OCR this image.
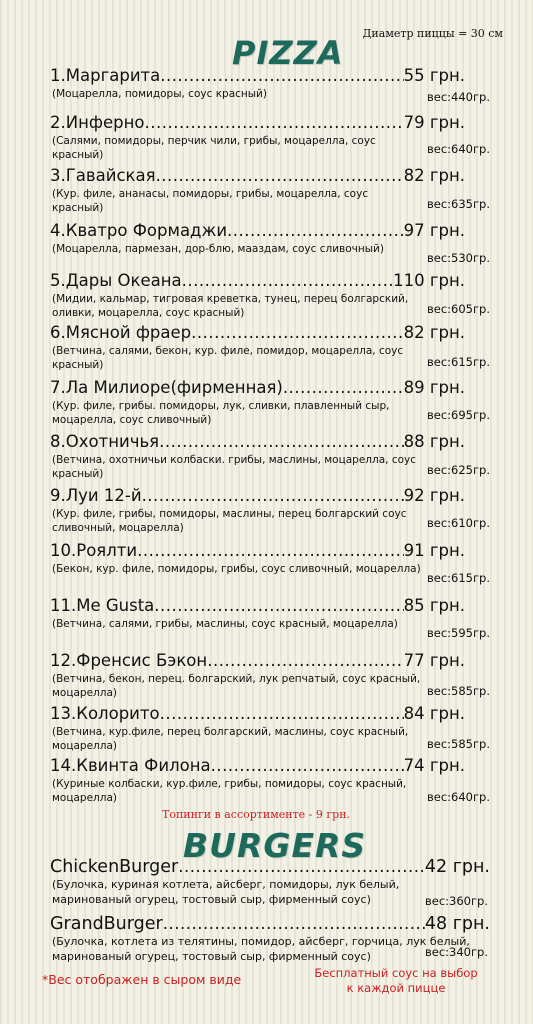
Диаметр пиццы = 30 см
PIZZA
1.Маргарита .....	55 грн.
(Моцарелла, помидоры, соус красный)	вес:440гр.
2.Инферно .....	79 грн.
(Салями, помидоры, перчик чили, грибы, моцарелла, соус красный)	вес:640гр.
3.Гавайская .....	82 грн.
(Кур. филе, ананасы, помидоры, грибы, моцарелла, соус красный)	вес:635гр.
4.Кватро Формаджи .....	97 грн.
(Моцарелла, пармезан, дор-блю, мааздам, соус сливочный)
вес:530гр.
5.Дары Океана .....	110 грн.
(Мидии, кальмар, тигровая креветка, тунец, перец болгарский, оливки, моцарелла, соус красный)	вес:605гр.
6.Мясной фраер .....	82 грн.
(Ветчина, салями, бекон, кур. филе, помидор, моцарелла, соус красный)	вес:615гр.
7.Ла Милиоре(фирменная) .....	89 грн.
(Кур. филе, грибы. помидоры, лук, сливки, плавленный сыр, моцарелла, соус сливочный)	вес:695гр.
8.Охотничья .....	88 грн.
(Ветчина, охотничьи колбаски. грибы, маслины, моцарелла, соус красный)	вес:625гр.
9.Луи 12-й .....	92 грн.
(Кур. филе, грибы, помидоры, маслины, перец болгарский соус сливочный, моцарелла)	вес:610гр.
10.Роялти .....	91 грн.
(Бекон, кур. филе, помидоры, грибы, соус сливочный, моцарелла)
вес:615гр.
11.Me Gusta .....	85 грн.
(Ветчина, салями, грибы, маслины, соус красный, моцарелла)
вес:595гр.
12.Френсис Бэкон .....	77 грн.
(Ветчина, бекон, перец. болгарский, лук репчатый, соус красный, моцарелла)	вес:585гр.
13.Колорито .....	84 грн.
(Ветчина, кур.филе, перец болгарский, маслины, соус красный, моцарелла)	вес:585гр.
14.Квинта Филона .....	74 грн.
(Куриные колбаски, кур.филе, грибы, помидоры, соус красный, моцарелла)	вес:640гр.
Топинги в ассортименте - 9 грн.
BURGERS
ChickenBurger .....	42 грн.
(Булочка, куриная котлета, айсберг, помидоры, лук белый, маринованый огурец, тостовый сыр, фирменный соус)	вес:360гр.
GrandBurger .....	48 грн.
(Булочка, котлета из телятины, помидор, айсберг, горчица, лук белый, маринованый огурец, тостовый сыр, фирменный соус)	вес:340гр.
*Вес отображен в сыром виде	Бесплатный соус на выбор
к каждой пицце
